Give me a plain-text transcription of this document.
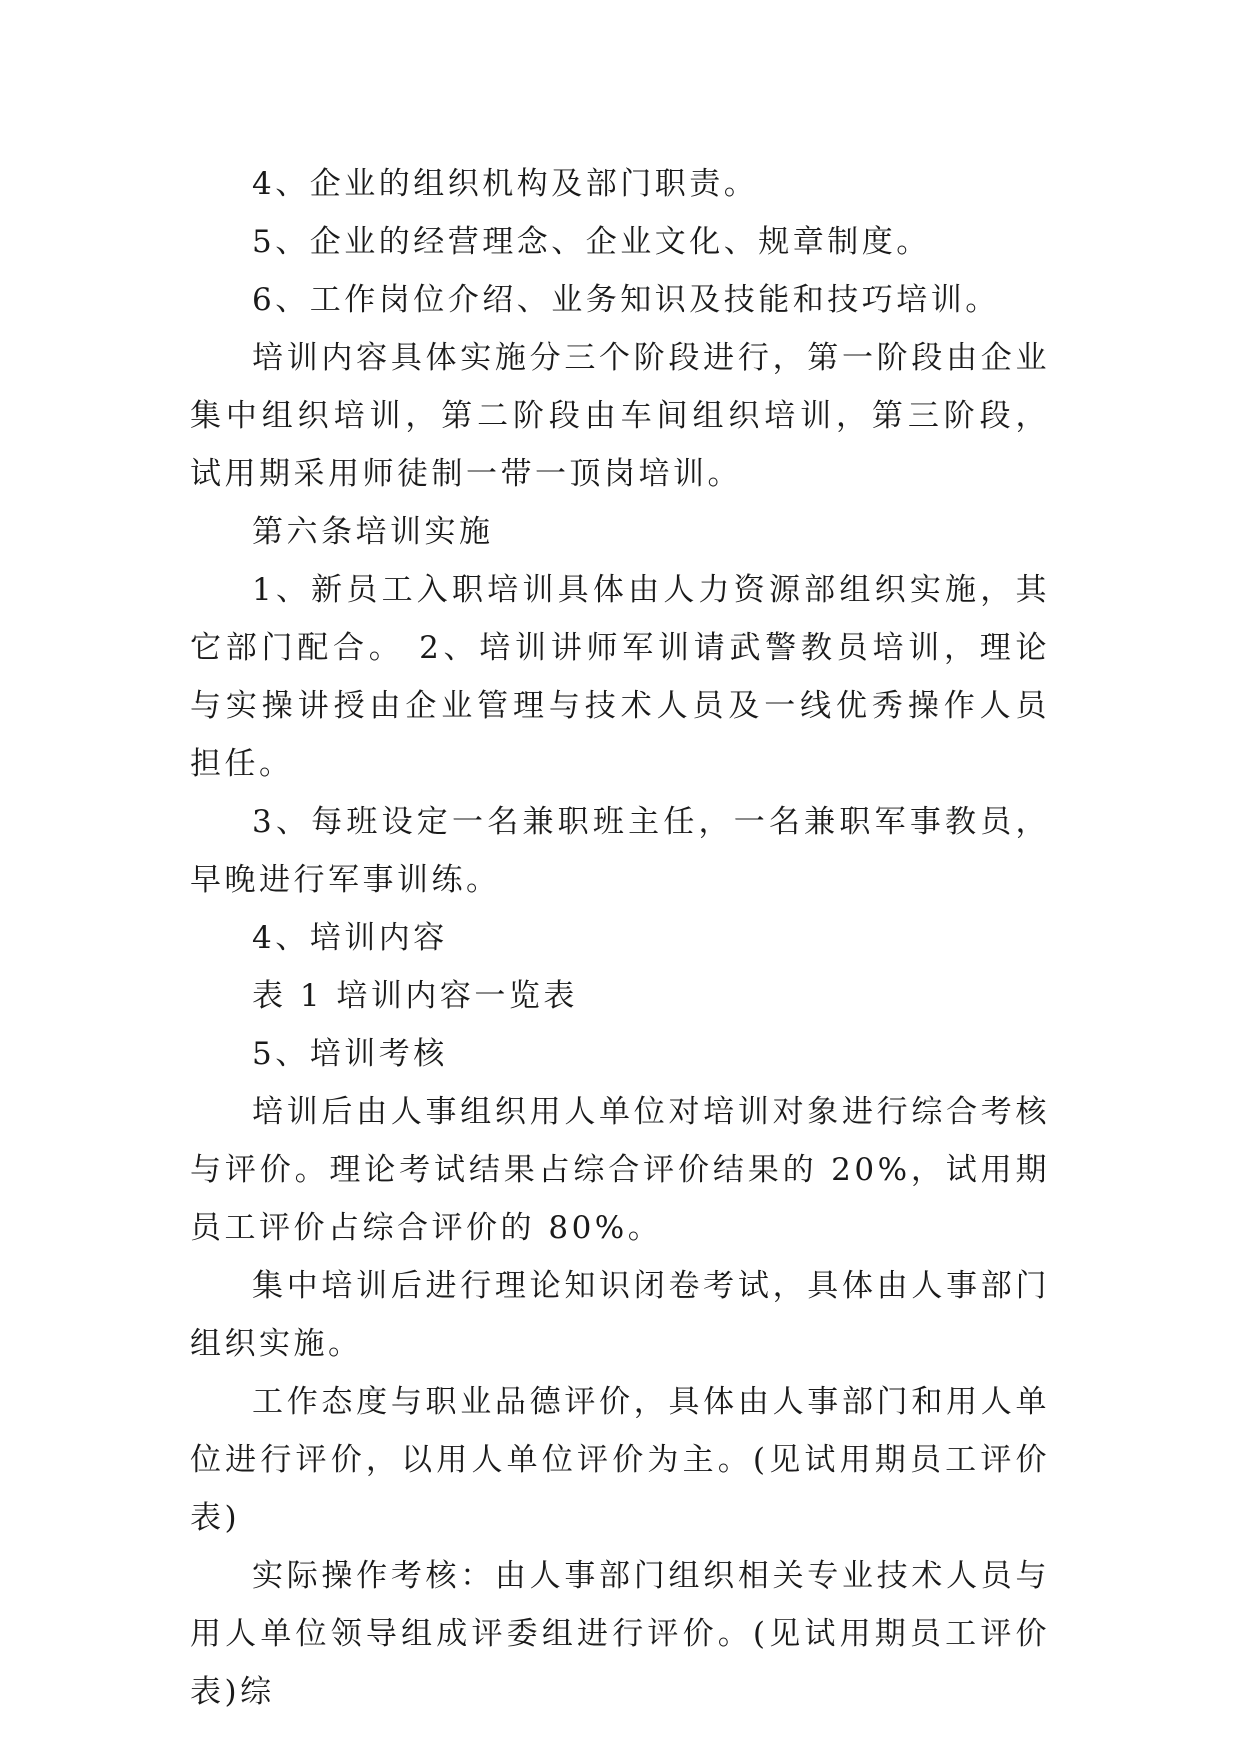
4、企业的组织机构及部门职责。

5、企业的经营理念、企业文化、规章制度。

6、工作岗位介绍、业务知识及技能和技巧培训。

培训内容具体实施分三个阶段进行，第一阶段由企业集中组织培训，第二阶段由车间组织培训，第三阶段，试用期采用师徒制一带一顶岗培训。

第六条培训实施

1、新员工入职培训具体由人力资源部组织实施，其它部门配合。 2、培训讲师军训请武警教员培训，理论与实操讲授由企业管理与技术人员及一线优秀操作人员担任。

3、每班设定一名兼职班主任，一名兼职军事教员，早晚进行军事训练。

4、培训内容

表 1 培训内容一览表

5、培训考核

培训后由人事组织用人单位对培训对象进行综合考核与评价。理论考试结果占综合评价结果的 20%，试用期员工评价占综合评价的 80%。

集中培训后进行理论知识闭卷考试，具体由人事部门组织实施。

工作态度与职业品德评价，具体由人事部门和用人单位进行评价，以用人单位评价为主。(见试用期员工评价表)

实际操作考核：由人事部门组织相关专业技术人员与用人单位领导组成评委组进行评价。(见试用期员工评价表)综
